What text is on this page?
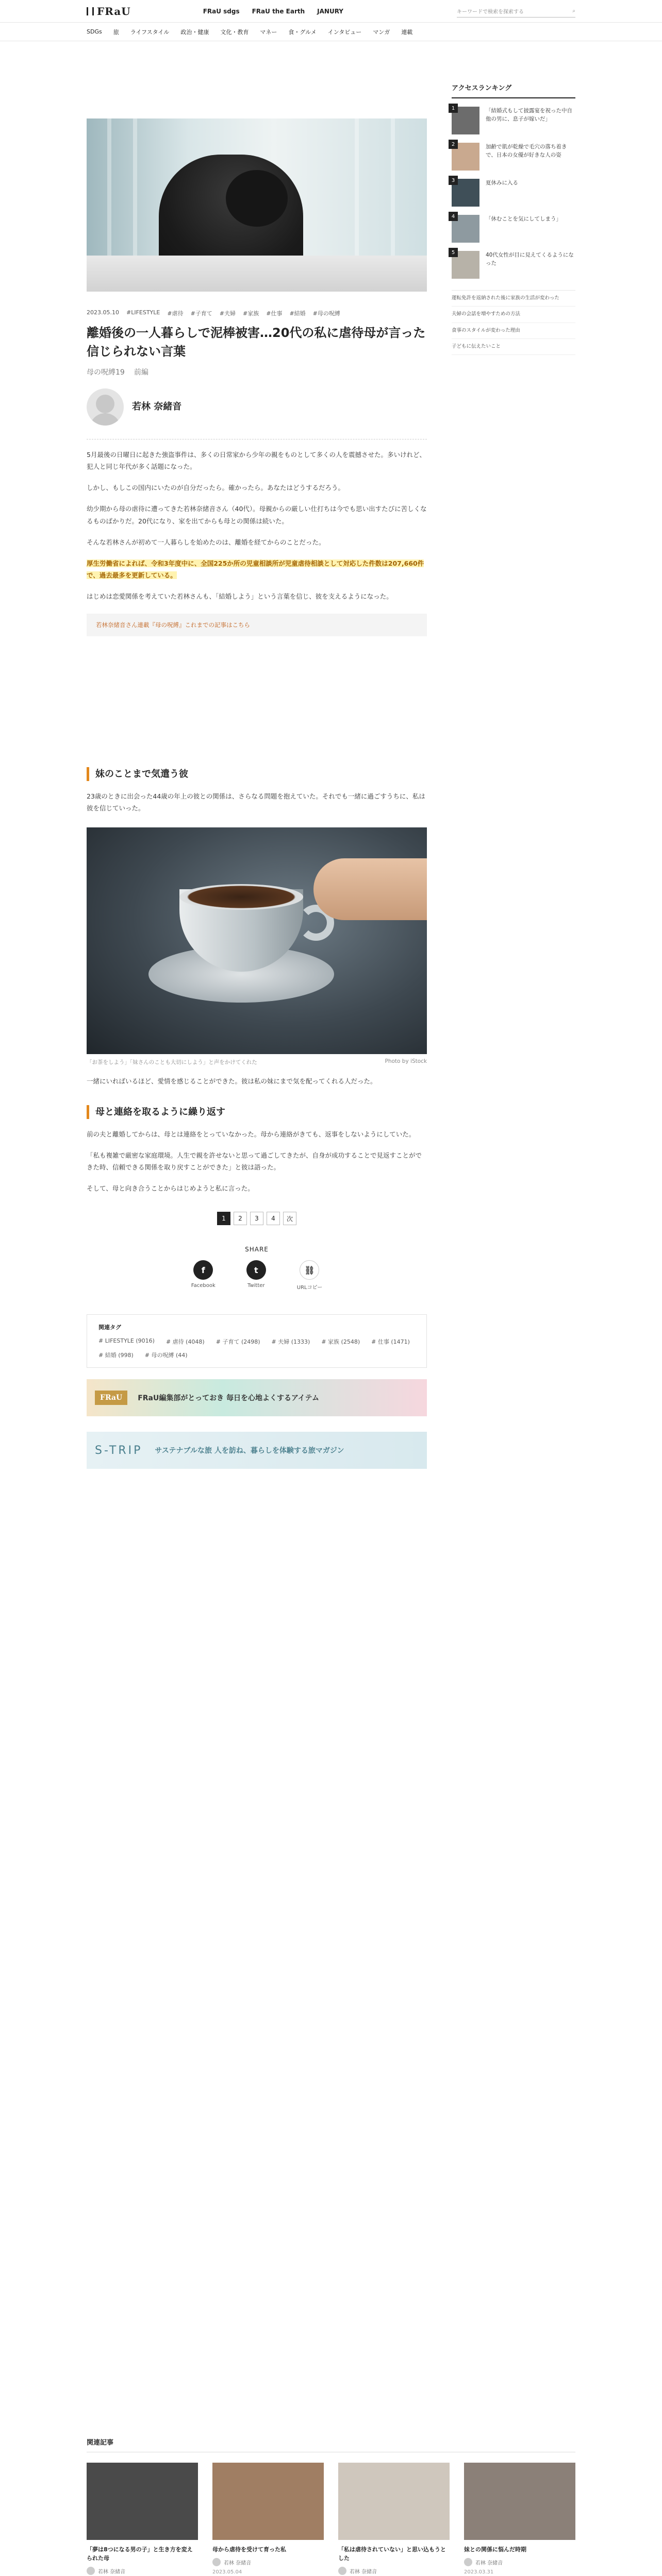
FRaU	FRaU sdgs FRaU the Earth JANURY	キーワードで検索を探索する	⌕
SDGs 旅 ライフスタイル 政治・健康 文化・教育 マネー 食・グルメ インタビュー マンガ 連載
2023.05.10 #LIFESTYLE #虐待 #子育て #夫婦 #家族 #仕事 #結婚 #母の呪縛
離婚後の一人暮らしで泥棒被害…20代の私に虐待母が言った信じられない言葉
母の呪縛19 前編
若林 奈緒音

5月最後の日曜日に起きた強盗事件は、多くの日常家から少年の親をものとして多くの人を震撼させた。多いけれど、犯人と同じ年代が多く話題になった。

しかし、もしこの国内にいたのが自分だったら。確かったら。あなたはどうするだろう。

幼少期から母の虐待に遭ってきた若林奈緒音さん（40代）。母親からの厳しい仕打ちは今でも思い出すたびに苦しくなるものばかりだ。20代になり、家を出てからも母との関係は続いた。

そんな若林さんが初めて一人暮らしを始めたのは、離婚を経てからのことだった。

厚生労働省によれば、令和3年度中に、全国225か所の児童相談所が児童虐待相談として対応した件数は207,660件で、過去最多を更新している。

はじめは恋愛関係を考えていた若林さんも、「結婚しよう」という言葉を信じ、彼を支えるようになった。

若林奈緒音さん連載『母の呪縛』これまでの記事はこちら
妹のことまで気遣う彼

23歳のときに出会った44歳の年上の彼との関係は、さらなる問題を抱えていた。それでも一緒に過ごすうちに、私は彼を信じていった。

「お茶をしよう」「妹さんのことも大切にしよう」と声をかけてくれた	Photo by iStock

一緒にいればいるほど、愛情を感じることができた。彼は私の妹にまで気を配ってくれる人だった。

母と連絡を取るように繰り返す

前の夫と離婚してからは、母とは連絡をとっていなかった。母から連絡がきても、返事をしないようにしていた。

「私も複雑で厳密な家庭環境。人生で親を許せないと思って過ごしてきたが、自身が成功することで見返すことができた時、信頼できる関係を取り戻すことができた」と彼は語った。

そして、母と向き合うことからはじめようと私に言った。

1	2	3	4	次
SHARE
f
Facebook
t
Twitter
⛓
URLコピー
関連タグ
# LIFESTYLE (9016) # 虐待 (4048) # 子育て (2498) # 夫婦 (1333) # 家族 (2548) # 仕事 (1471)
# 結婚 (998) # 母の呪縛 (44)
FRaU	FRaU編集部がとっておき 毎日を心地よくするアイテム
S-TRIP サステナブルな旅 人を訪ね、暮らしを体験する旅マガジン
アクセスランキング
1	「結婚式もして披露宴を祝った中自他の男に、息子が嫁いだ」
2	加齢で肌が乾燥で毛穴の落ち着きで、日本の女優が好きな人の姿
3	夏休みに入る
4	「休むことを気にしてしまう」
5	40代女性が目に見えてくるようになった
運転免許を返納された後に家族の生活が変わった
夫婦の会話を増やすための方法
食事のスタイルが変わった理由
子どもに伝えたいこと
関連記事
「夢は8つになる男の子」と生き方を変えられた母
若林 奈緒音
母から虐待を受けて育った私
若林 奈緒音
2023.05.04
「私は虐待されていない」と思い込もうとした
若林 奈緒音
妹との関係に悩んだ時期
若林 奈緒音
2023.03.31
